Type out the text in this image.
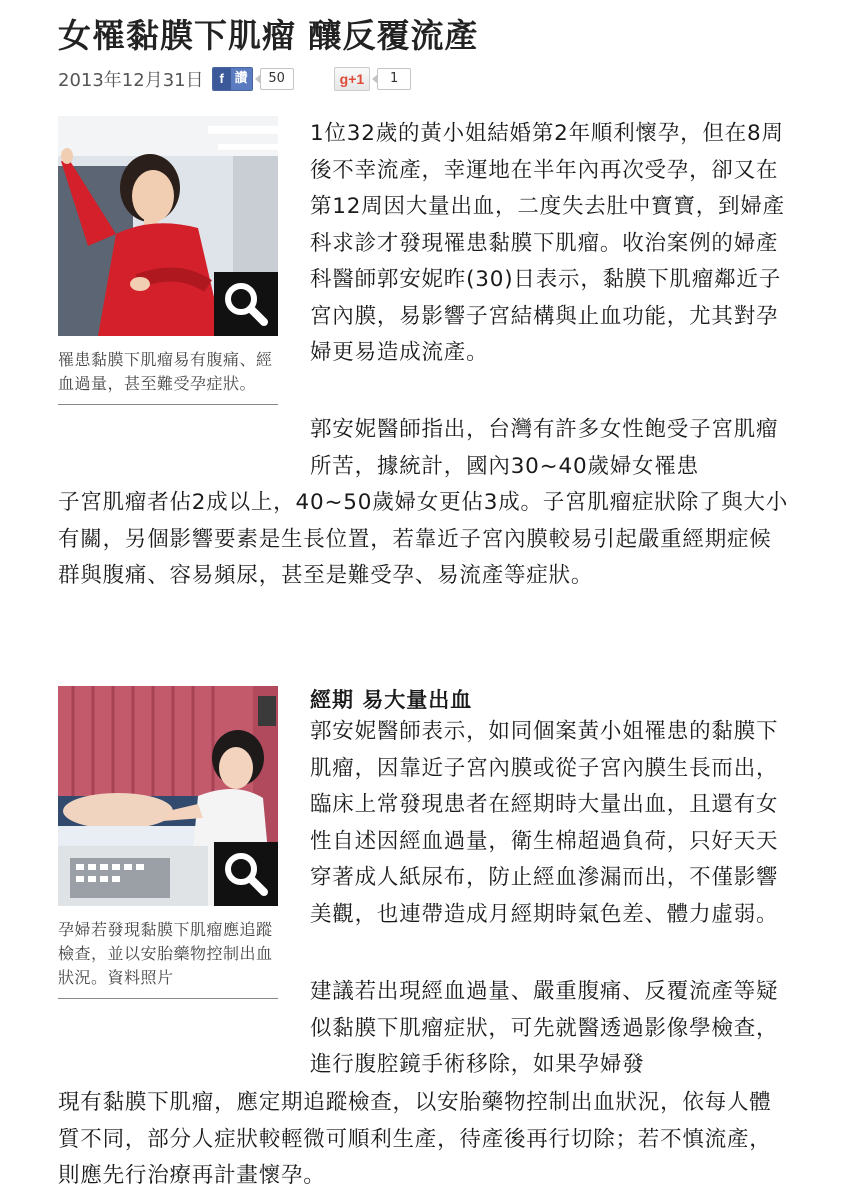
女罹黏膜下肌瘤 釀反覆流產
2013年12月31日	f 讚	50	g+1	1
罹患黏膜下肌瘤易有腹痛、經血過量，甚至難受孕症狀。

1位32歲的黃小姐結婚第2年順利懷孕，但在8周後不幸流產，幸運地在半年內再次受孕，卻又在第12周因大量出血，二度失去肚中寶寶，到婦產科求診才發現罹患黏膜下肌瘤。收治案例的婦產科醫師郭安妮昨(30)日表示，黏膜下肌瘤鄰近子宮內膜，易影響子宮結構與止血功能，尤其對孕婦更易造成流產。

郭安妮醫師指出，台灣有許多女性飽受子宮肌瘤所苦，據統計，國內30~40歲婦女罹患

子宮肌瘤者佔2成以上，40~50歲婦女更佔3成。子宮肌瘤症狀除了與大小有關，另個影響要素是生長位置，若靠近子宮內膜較易引起嚴重經期症候群與腹痛、容易頻尿，甚至是難受孕、易流產等症狀。

孕婦若發現黏膜下肌瘤應追蹤檢查，並以安胎藥物控制出血狀況。資料照片
經期 易大量出血

郭安妮醫師表示，如同個案黃小姐罹患的黏膜下肌瘤，因靠近子宮內膜或從子宮內膜生長而出，臨床上常發現患者在經期時大量出血，且還有女性自述因經血過量，衛生棉超過負荷，只好天天穿著成人紙尿布，防止經血滲漏而出，不僅影響美觀，也連帶造成月經期時氣色差、體力虛弱。

建議若出現經血過量、嚴重腹痛、反覆流產等疑似黏膜下肌瘤症狀，可先就醫透過影像學檢查，進行腹腔鏡手術移除，如果孕婦發

現有黏膜下肌瘤，應定期追蹤檢查，以安胎藥物控制出血狀況，依每人體質不同，部分人症狀較輕微可順利生產，待產後再行切除；若不慎流產，則應先行治療再計畫懷孕。
